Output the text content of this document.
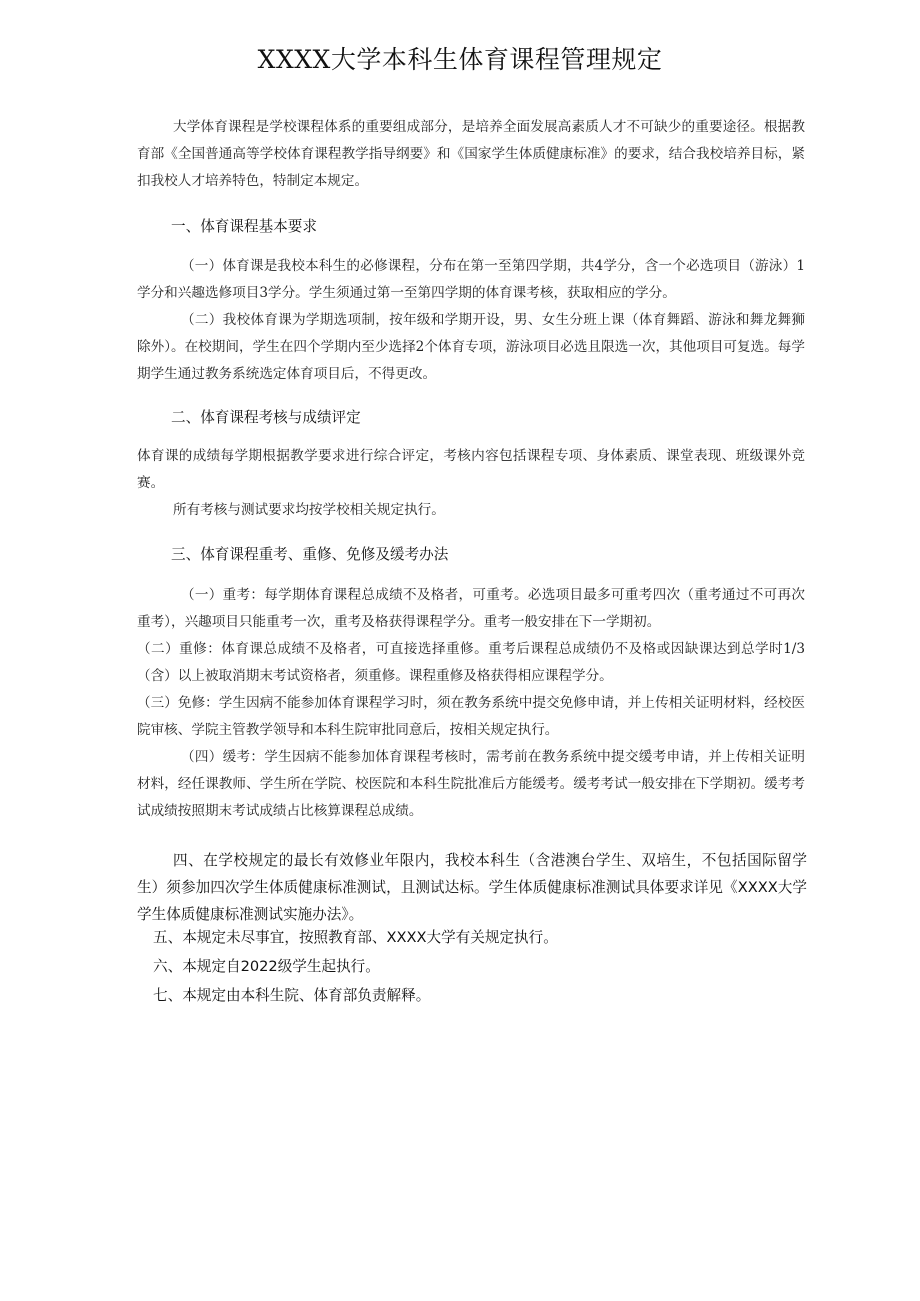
XXXX大学本科生体育课程管理规定

大学体育课程是学校课程体系的重要组成部分，是培养全面发展高素质人才不可缺少的重要途径。根据教育部《全国普通高等学校体育课程教学指导纲要》和《国家学生体质健康标准》的要求，结合我校培养目标，紧扣我校人才培养特色，特制定本规定。

一、体育课程基本要求

（一）体育课是我校本科生的必修课程，分布在第一至第四学期，共4学分，含一个必选项目（游泳）1学分和兴趣选修项目3学分。学生须通过第一至第四学期的体育课考核，获取相应的学分。

（二）我校体育课为学期选项制，按年级和学期开设，男、女生分班上课（体育舞蹈、游泳和舞龙舞狮除外）。在校期间，学生在四个学期内至少选择2个体育专项，游泳项目必选且限选一次，其他项目可复选。每学期学生通过教务系统选定体育项目后，不得更改。

二、体育课程考核与成绩评定

体育课的成绩每学期根据教学要求进行综合评定，考核内容包括课程专项、身体素质、课堂表现、班级课外竞赛。

所有考核与测试要求均按学校相关规定执行。

三、体育课程重考、重修、免修及缓考办法

（一）重考：每学期体育课程总成绩不及格者，可重考。必选项目最多可重考四次（重考通过不可再次重考），兴趣项目只能重考一次，重考及格获得课程学分。重考一般安排在下一学期初。

（二）重修：体育课总成绩不及格者，可直接选择重修。重考后课程总成绩仍不及格或因缺课达到总学时1/3（含）以上被取消期末考试资格者，须重修。课程重修及格获得相应课程学分。

（三）免修：学生因病不能参加体育课程学习时，须在教务系统中提交免修申请，并上传相关证明材料，经校医院审核、学院主管教学领导和本科生院审批同意后，按相关规定执行。

（四）缓考：学生因病不能参加体育课程考核时，需考前在教务系统中提交缓考申请，并上传相关证明材料，经任课教师、学生所在学院、校医院和本科生院批准后方能缓考。缓考考试一般安排在下学期初。缓考考试成绩按照期末考试成绩占比核算课程总成绩。

四、在学校规定的最长有效修业年限内，我校本科生（含港澳台学生、双培生，不包括国际留学生）须参加四次学生体质健康标准测试，且测试达标。学生体质健康标准测试具体要求详见《XXXX大学学生体质健康标准测试实施办法》。

五、本规定未尽事宜，按照教育部、XXXX大学有关规定执行。
六、本规定自2022级学生起执行。
七、本规定由本科生院、体育部负责解释。
